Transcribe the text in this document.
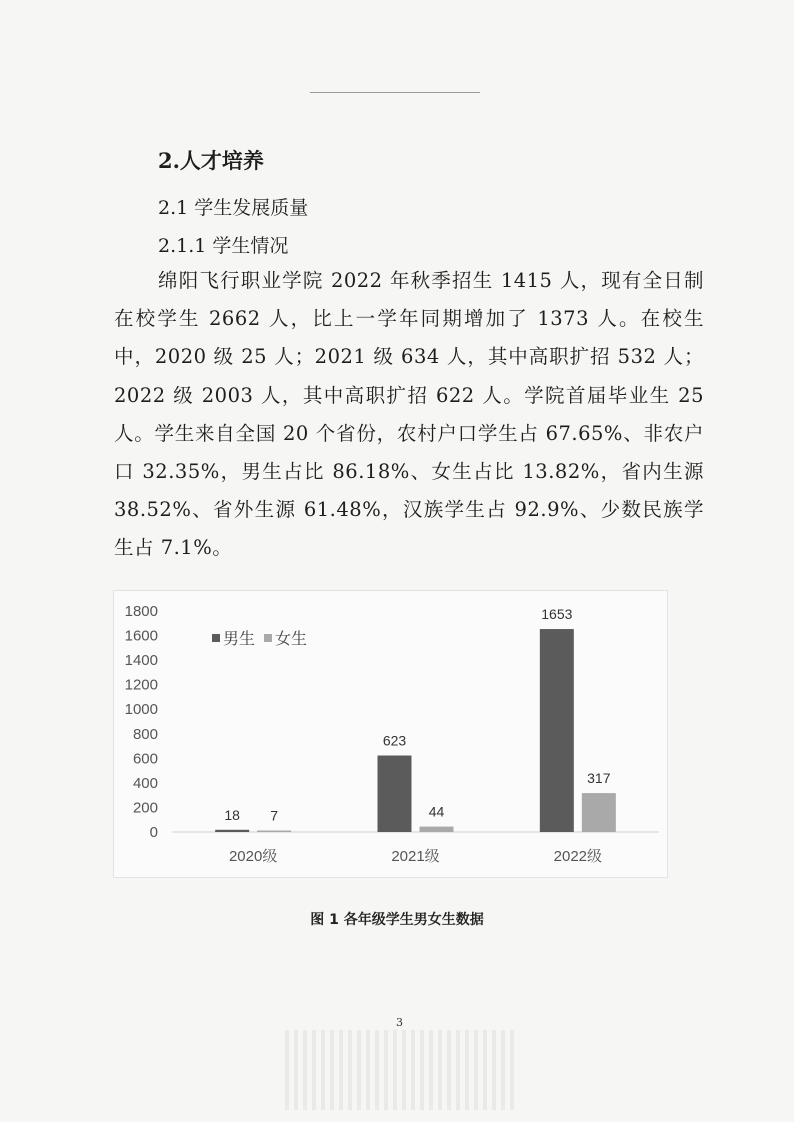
2.人才培养
2.1 学生发展质量
2.1.1 学生情况
绵阳飞行职业学院 2022 年秋季招生 1415 人，现有全日制在校学生 2662 人，比上一学年同期增加了 1373 人。在校生中，2020 级 25 人；2021 级 634 人，其中高职扩招 532 人；2022 级 2003 人，其中高职扩招 622 人。学院首届毕业生 25 人。学生来自全国 20 个省份，农村户口学生占 67.65%、非农户口 32.35%，男生占比 86.18%、女生占比 13.82%，省内生源 38.52%、省外生源 61.48%，汉族学生占 92.9%、少数民族学生占 7.1%。
1800
1600
1400
1200
1000
800
600
400
200
0
18 7
2020级
623
44
2021级
1653
317
2022级
男生 女生
图 1 各年级学生男女生数据
3
